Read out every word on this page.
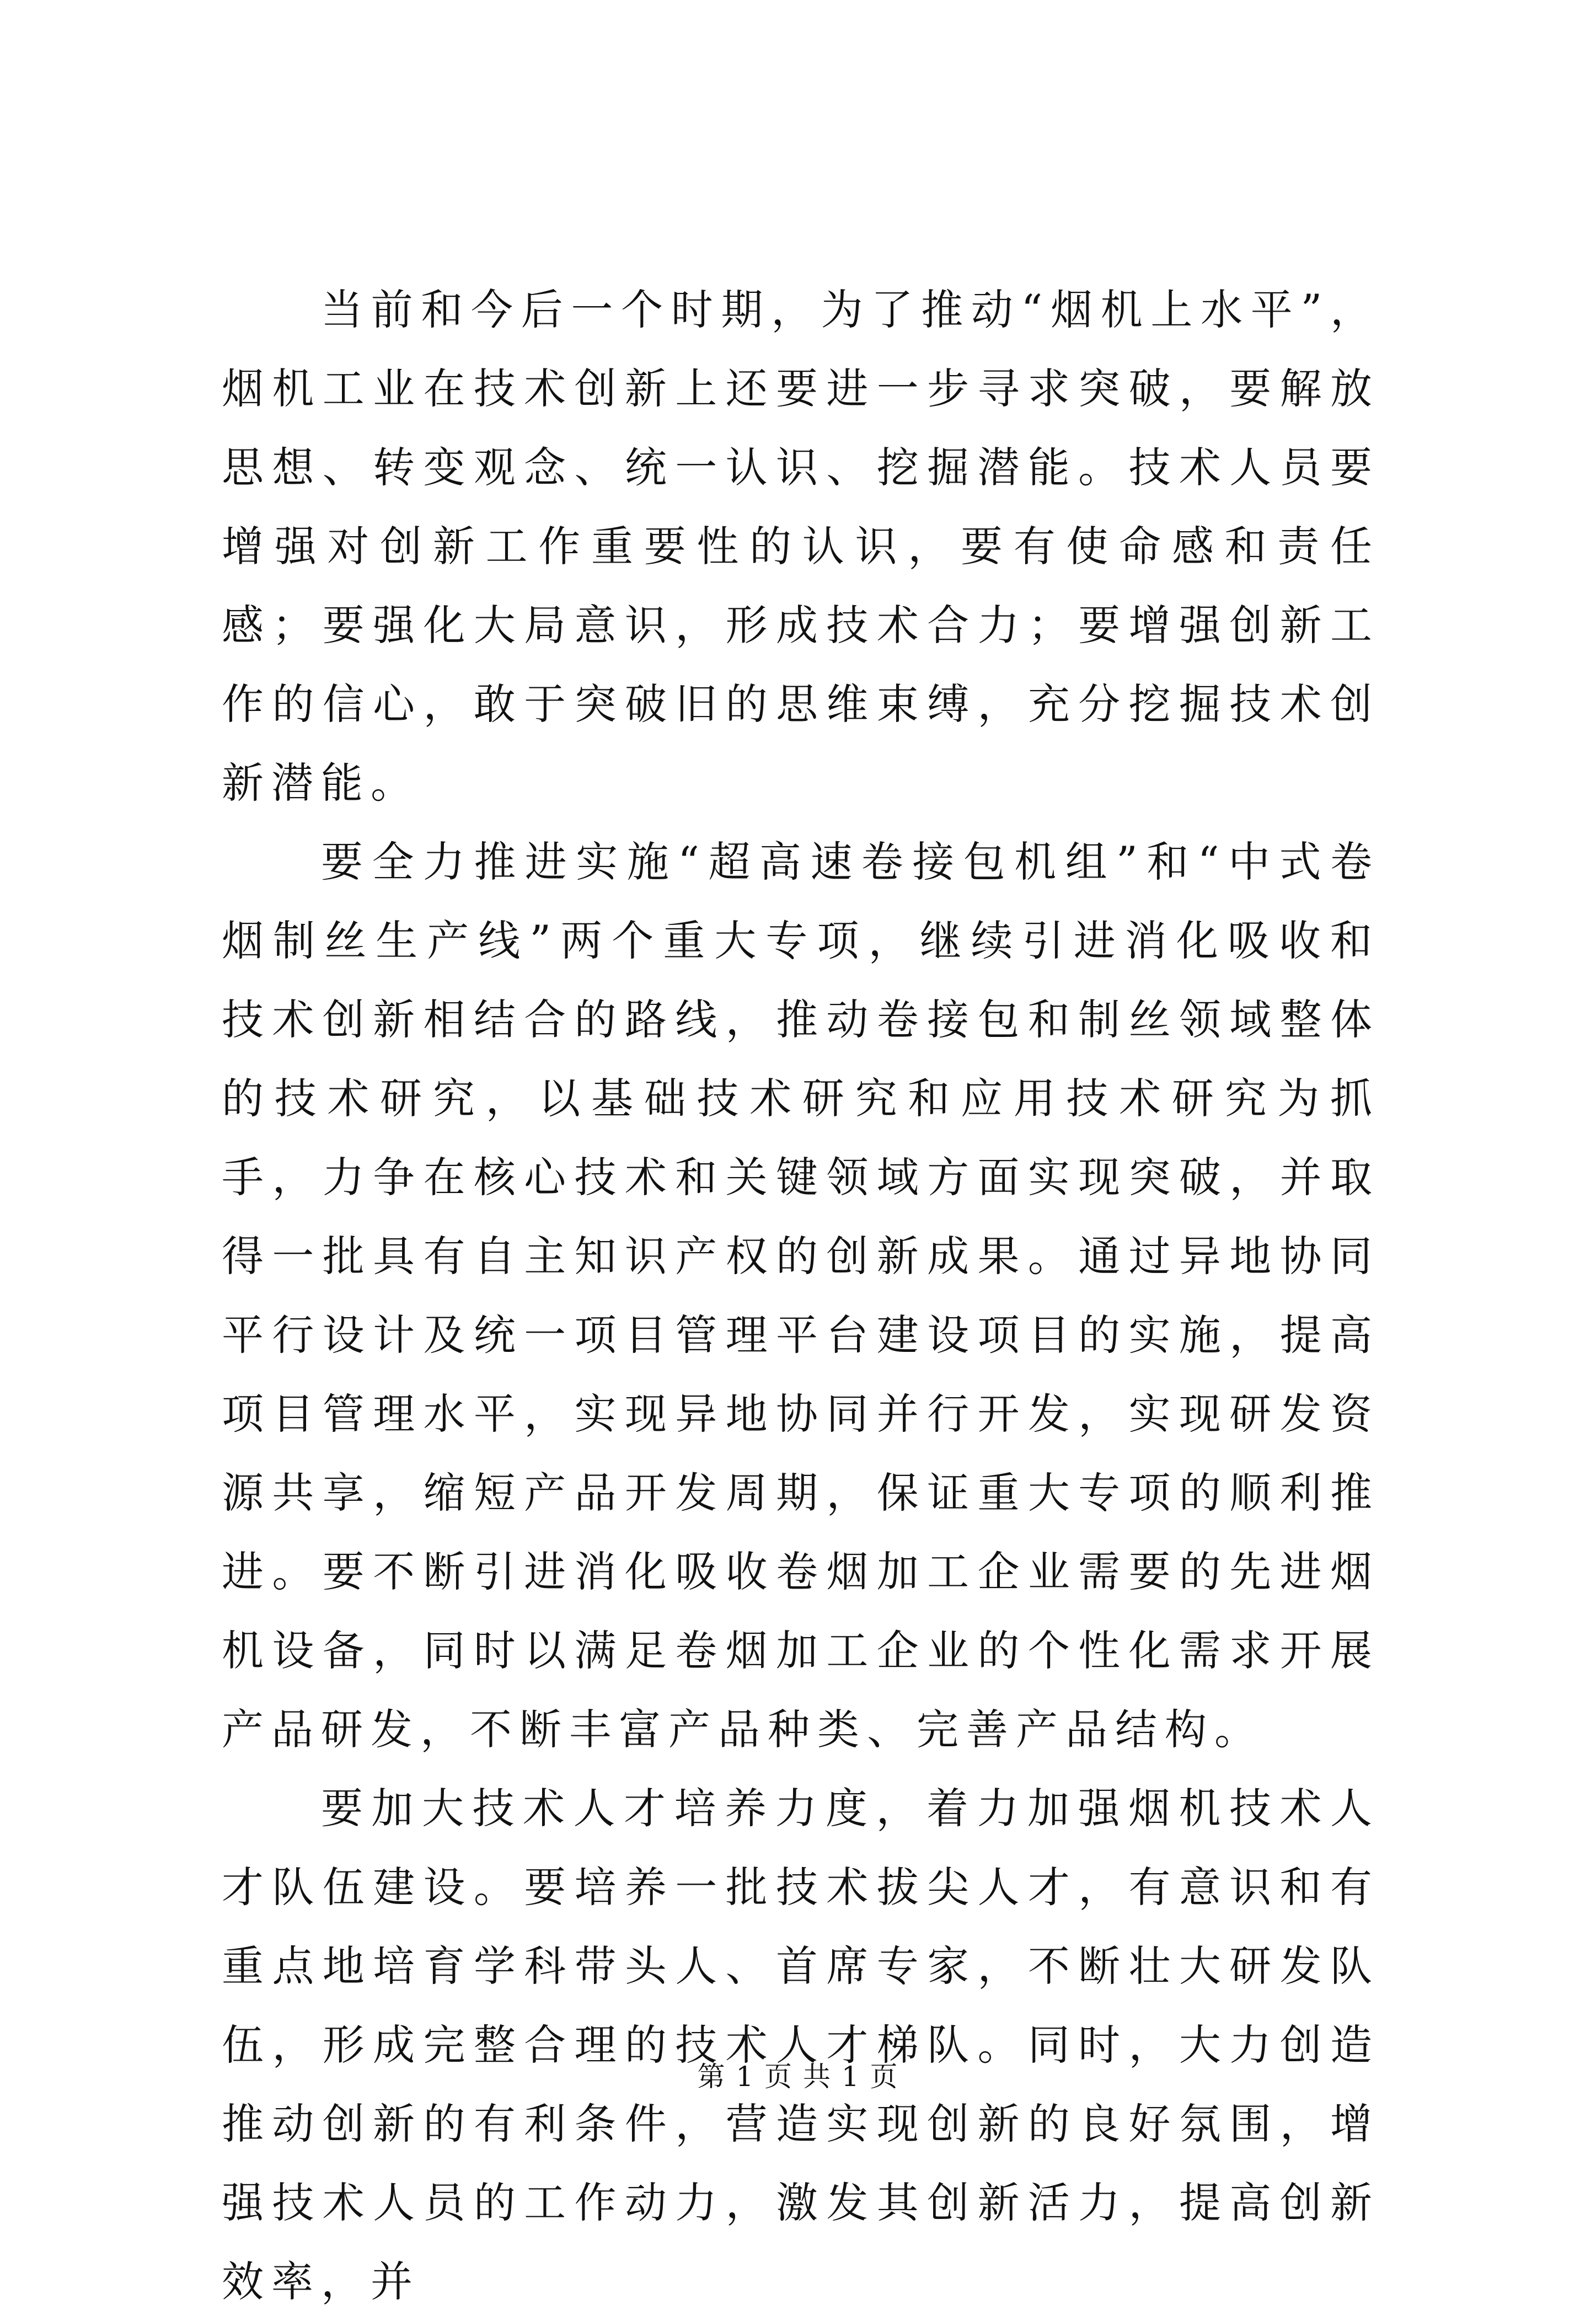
当前和今后一个时期，为了推动“烟机上水平”，烟机工业在技术创新上还要进一步寻求突破，要解放思想、转变观念、统一认识、挖掘潜能。技术人员要增强对创新工作重要性的认识，要有使命感和责任感；要强化大局意识，形成技术合力；要增强创新工作的信心，敢于突破旧的思维束缚，充分挖掘技术创新潜能。

要全力推进实施“超高速卷接包机组”和“中式卷烟制丝生产线”两个重大专项，继续引进消化吸收和技术创新相结合的路线，推动卷接包和制丝领域整体的技术研究，以基础技术研究和应用技术研究为抓手，力争在核心技术和关键领域方面实现突破，并取得一批具有自主知识产权的创新成果。通过异地协同平行设计及统一项目管理平台建设项目的实施，提高项目管理水平，实现异地协同并行开发，实现研发资源共享，缩短产品开发周期，保证重大专项的顺利推进。要不断引进消化吸收卷烟加工企业需要的先进烟机设备，同时以满足卷烟加工企业的个性化需求开展产品研发，不断丰富产品种类、完善产品结构。

要加大技术人才培养力度，着力加强烟机技术人才队伍建设。要培养一批技术拔尖人才，有意识和有重点地培育学科带头人、首席专家，不断壮大研发队伍，形成完整合理的技术人才梯队。同时，大力创造推动创新的有利条件，营造实现创新的良好氛围，增强技术人员的工作动力，激发其创新活力，提高创新效率，并

第 1 页 共 1 页
